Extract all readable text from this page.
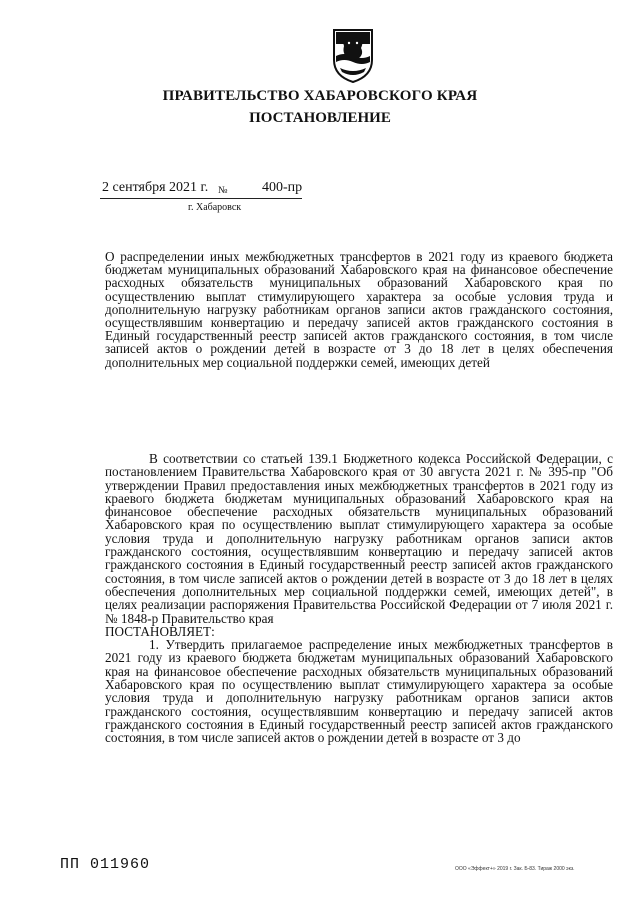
ПРАВИТЕЛЬСТВО ХАБАРОВСКОГО КРАЯ
ПОСТАНОВЛЕНИЕ
2 сентября 2021 г. № 400-пр
г. Хабаровск
О распределении иных межбюджетных трансфертов в 2021 году из краевого бюджета бюджетам муниципальных образований Хабаровского края на финансовое обеспечение расходных обязательств муниципальных образований Хабаровского края по осуществлению выплат стимулирующего характера за особые условия труда и дополнительную нагрузку работникам органов записи актов гражданского состояния, осуществлявшим конвертацию и передачу записей актов гражданского состояния в Единый государственный реестр записей актов гражданского состояния, в том числе записей актов о рождении детей в возрасте от 3 до 18 лет в целях обеспечения дополнительных мер социальной поддержки семей, имеющих детей

В соответствии со статьей 139.1 Бюджетного кодекса Российской Федерации, с постановлением Правительства Хабаровского края от 30 августа 2021 г. № 395-пр "Об утверждении Правил предоставления иных межбюджетных трансфертов в 2021 году из краевого бюджета бюджетам муниципальных образований Хабаровского края на финансовое обеспечение расходных обязательств муниципальных образований Хабаровского края по осуществлению выплат стимулирующего характера за особые условия труда и дополнительную нагрузку работникам органов записи актов гражданского состояния, осуществлявшим конвертацию и передачу записей актов гражданского состояния в Единый государственный реестр записей актов гражданского состояния, в том числе записей актов о рождении детей в возрасте от 3 до 18 лет в целях обеспечения дополнительных мер социальной поддержки семей, имеющих детей", в целях реализации распоряжения Правительства Российской Федерации от 7 июля 2021 г. № 1848-р Правительство края

ПОСТАНОВЛЯЕТ:

1. Утвердить прилагаемое распределение иных межбюджетных трансфертов в 2021 году из краевого бюджета бюджетам муниципальных образований Хабаровского края на финансовое обеспечение расходных обязательств муниципальных образований Хабаровского края по осуществлению выплат стимулирующего характера за особые условия труда и дополнительную нагрузку работникам органов записи актов гражданского состояния, осуществлявшим конвертацию и передачу записей актов гражданского состояния в Единый государственный реестр записей актов гражданского состояния, в том числе записей актов о рождении детей в возрасте от 3 до

ПП 011960	ООО «Эффект+» 2019 г. Зак. Б-83. Тираж 2000 экз.
